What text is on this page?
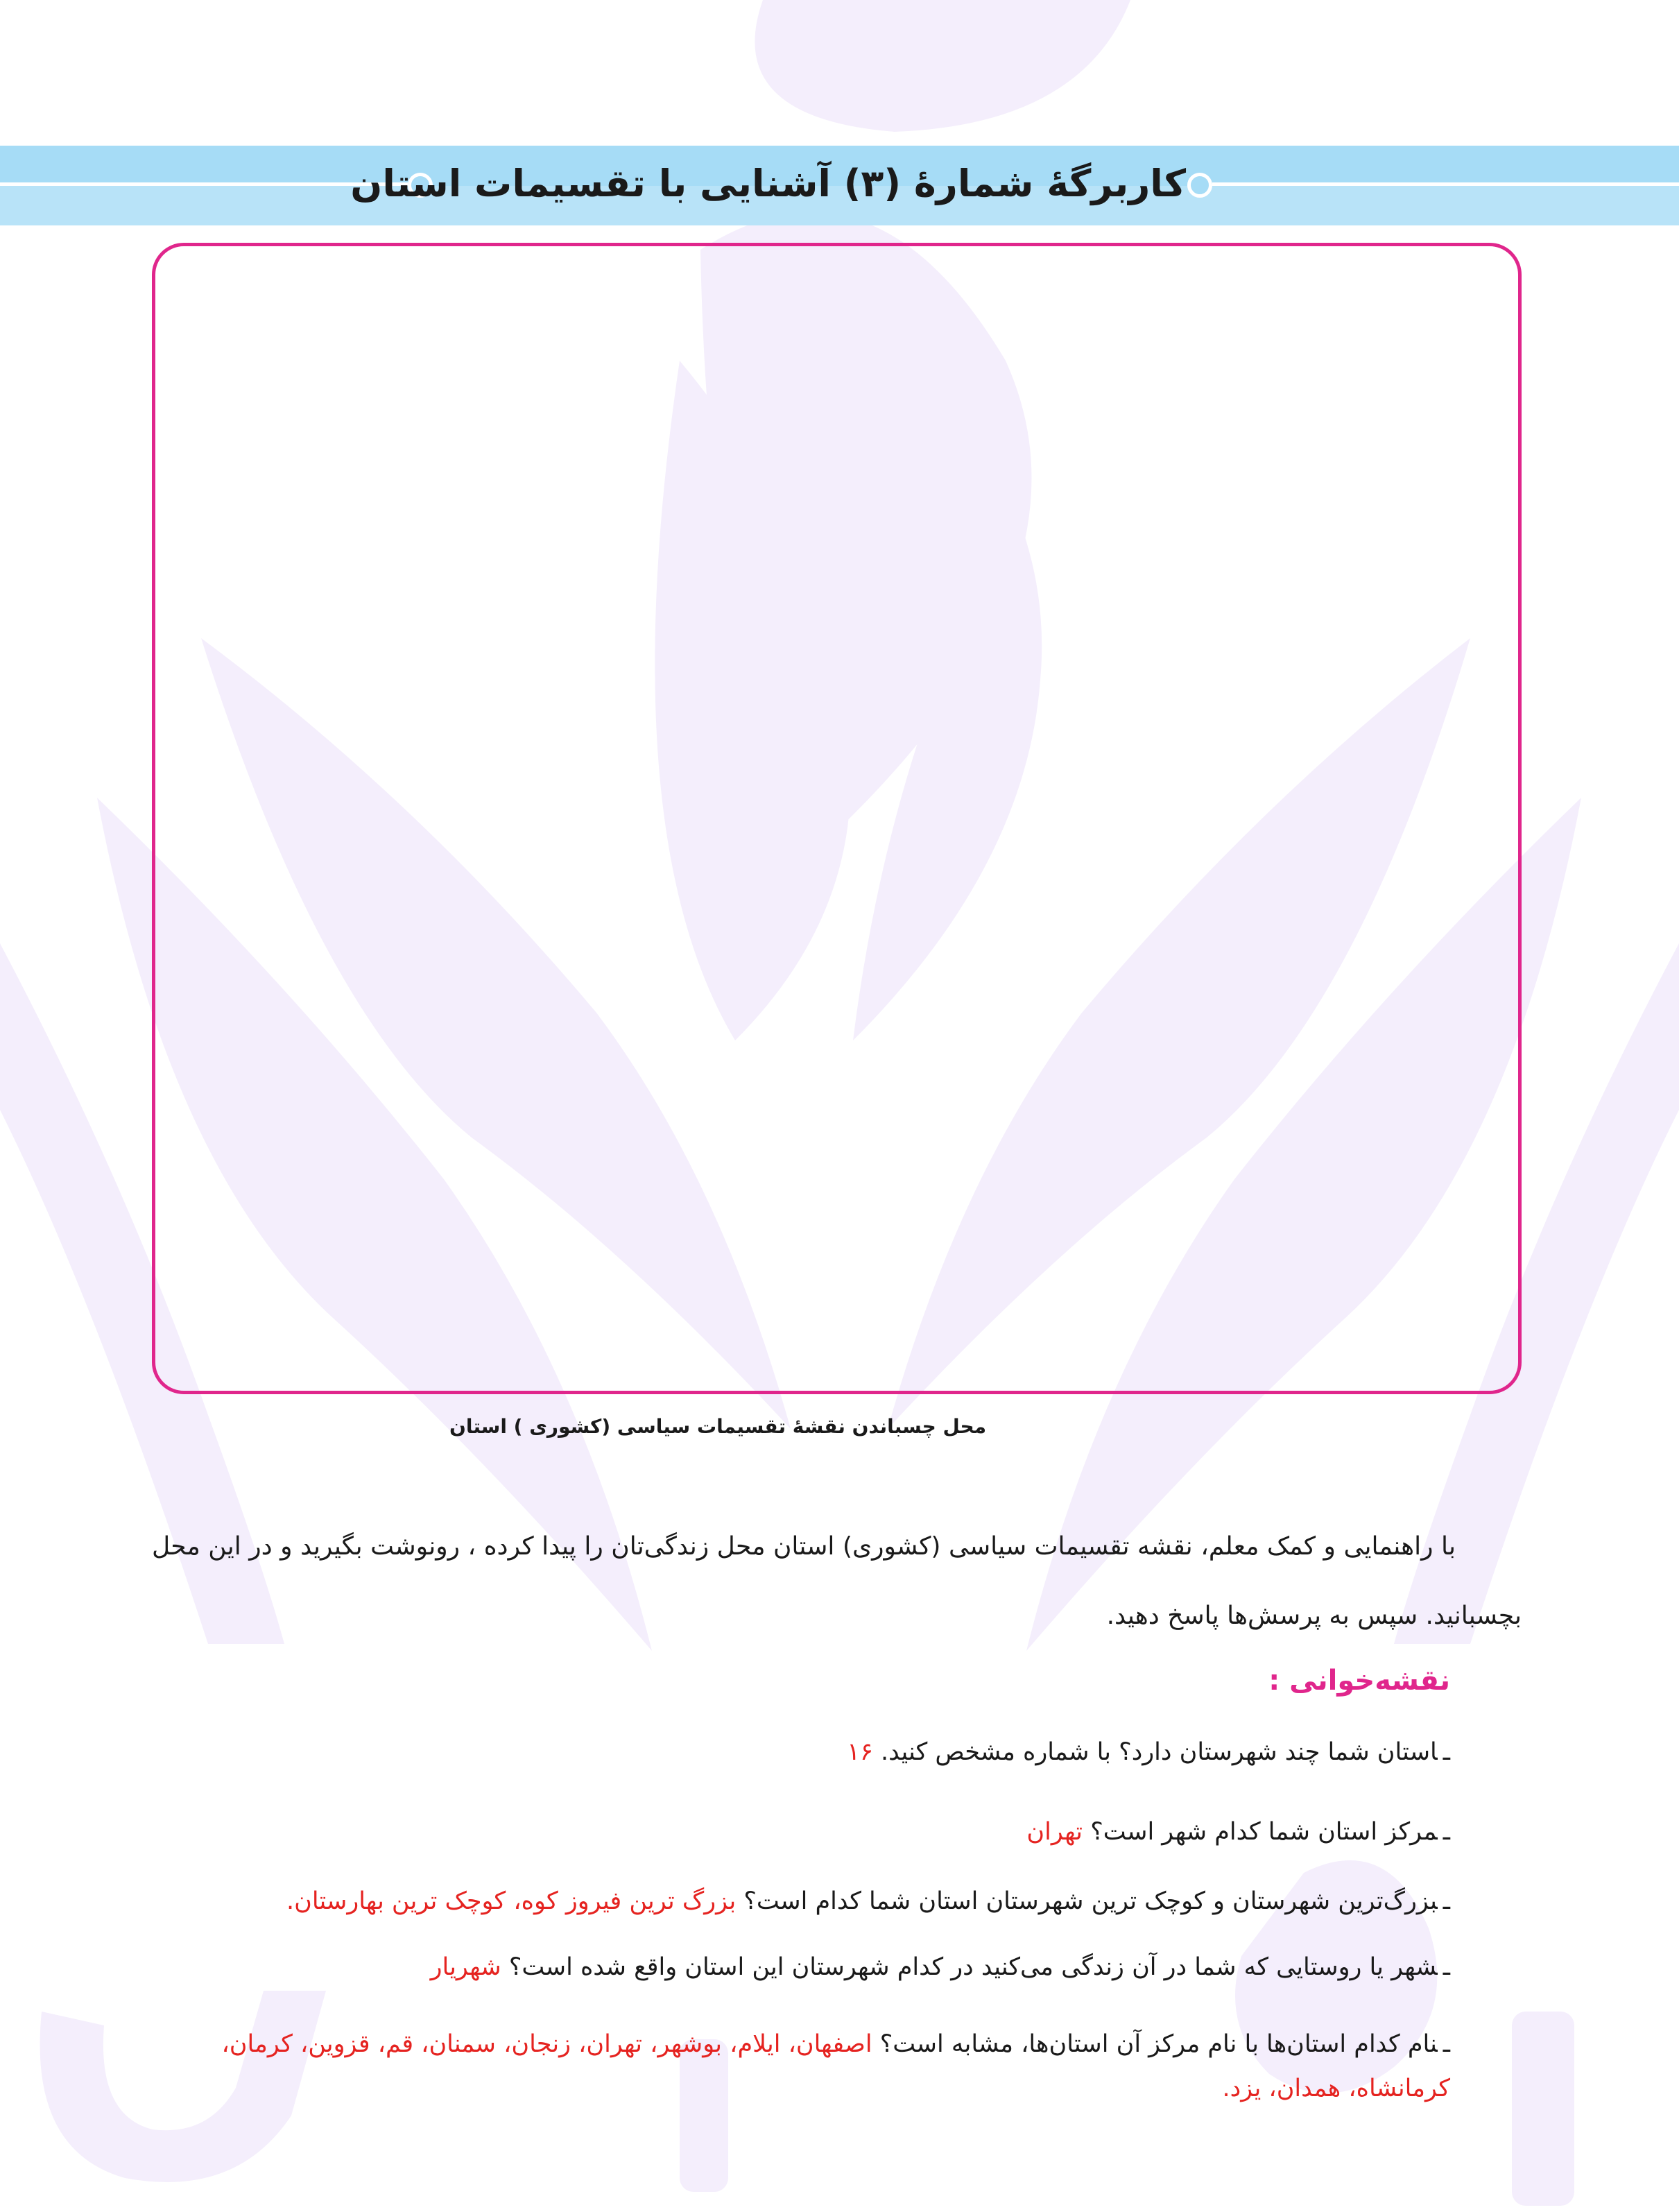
کاربرگهٔ شمارهٔ (۳) آشنایی با تقسیمات استان
محل چسباندن نقشهٔ تقسیمات سیاسی (کشوری ) استان
با راهنمایی و کمک معلم، نقشه تقسیمات سیاسی (کشوری) استان محل زندگی‌تان را پیدا کرده ، رونوشت بگیرید و در این محل بچسبانید. سپس به پرسش‌ها پاسخ دهید.
نقشه‌خوانی :
ـاستان شما چند شهرستان دارد؟ با شماره مشخص کنید. ۱۶
ـمرکز استان شما کدام شهر است؟ تهران
ـبزرگ‌ترین شهرستان و کوچک ترین شهرستان استان شما کدام است؟ بزرگ ترین فیروز کوه، کوچک ترین بهارستان.
ـشهر یا روستایی که شما در آن زندگی می‌کنید در کدام شهرستان این استان واقع شده است؟ شهریار
ـنام کدام استان‌ها با نام مرکز آن استان‌ها، مشابه است؟ اصفهان، ایلام، بوشهر، تهران، زنجان، سمنان، قم، قزوین، کرمان، کرمانشاه، همدان، یزد.
